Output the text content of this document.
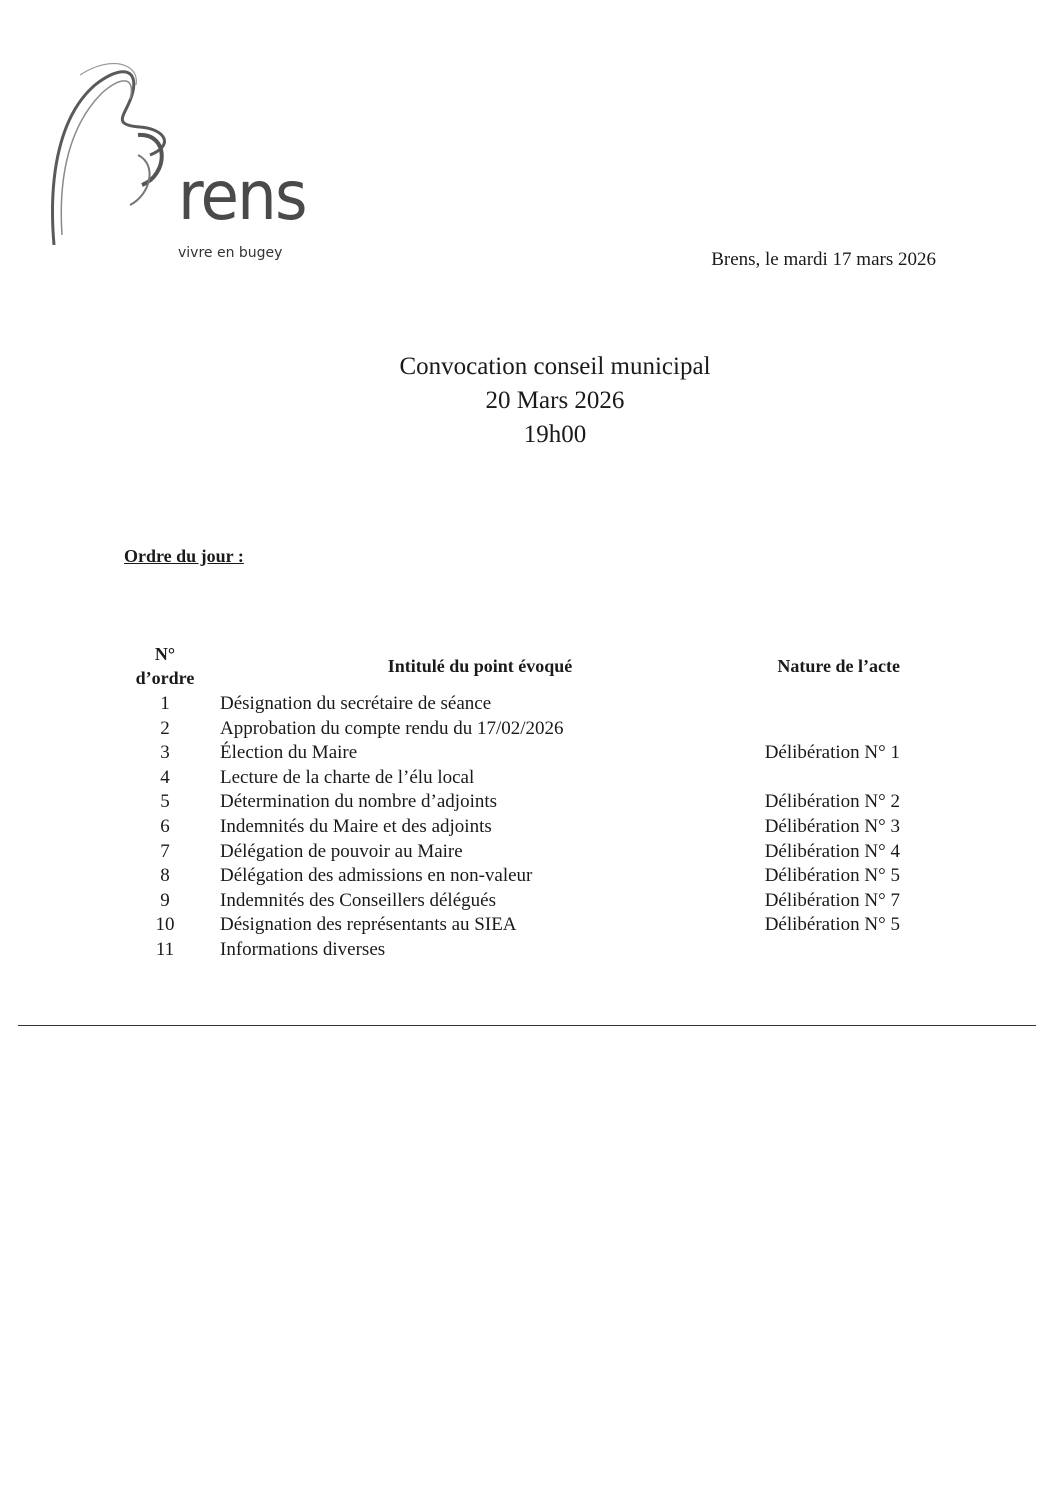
rens
vivre en bugey	Brens, le mardi 17 mars 2026
Convocation conseil municipal
20 Mars 2026
19h00
Ordre du jour :
N°
d’ordre	Intitulé du point évoqué	Nature de l’acte
1	Désignation du secrétaire de séance	
2	Approbation du compte rendu du 17/02/2026	
3	Élection du Maire	Délibération N° 1
4	Lecture de la charte de l’élu local	
5	Détermination du nombre d’adjoints	Délibération N° 2
6	Indemnités du Maire et des adjoints	Délibération N° 3
7	Délégation de pouvoir au Maire	Délibération N° 4
8	Délégation des admissions en non-valeur	Délibération N° 5
9	Indemnités des Conseillers délégués	Délibération N° 7
10	Désignation des représentants au SIEA	Délibération N° 5
11	Informations diverses	
